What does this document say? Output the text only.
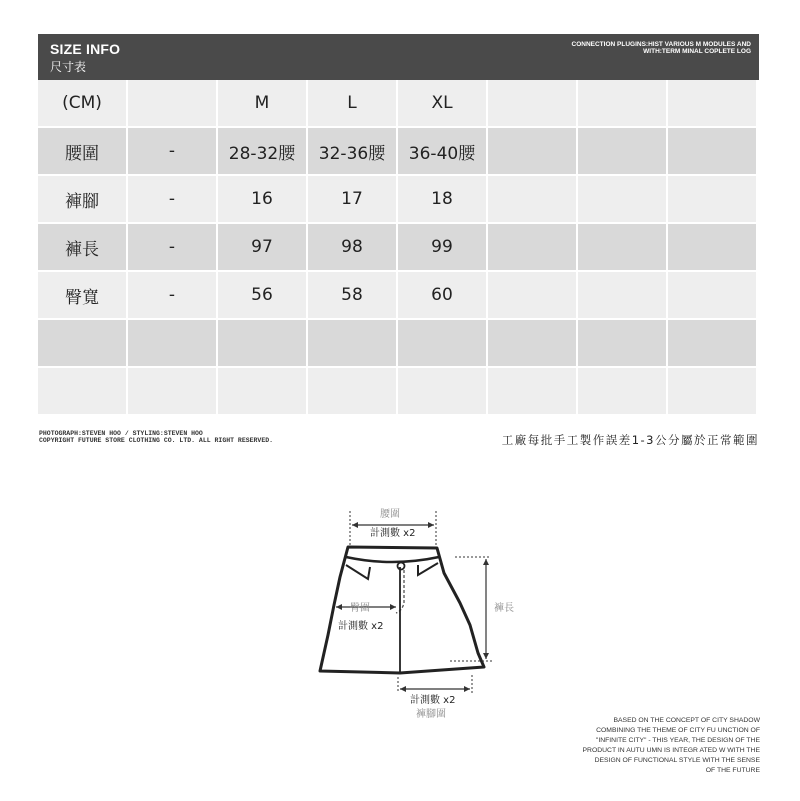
SIZE INFO
尺寸表
CONNECTION PLUGINS:HIST VARIOUS M MODULES AND
WITH:TERM MINAL COPLETE LOG
(CM)		M	L	XL			
腰圍	-	28-32腰	32-36腰	36-40腰			
褲腳	-	16	17	18			
褲長	-	97	98	99			
臀寬	-	56	58	60			

PHOTOGRAPH:STEVEN HOO / STYLING:STEVEN HOO
COPYRIGHT FUTURE STORE CLOTHING CO. LTD. ALL RIGHT RESERVED.	工廠每批手工製作誤差1-3公分屬於正常範圍
腰圍
計測數 x2
臀圍
計測數 x2
褲長
計測數 x2
褲腳圍
BASED ON THE CONCEPT OF CITY SHADOW
COMBINING THE THEME OF CITY FU UNCTION OF
"INFINITE CITY" - THIS YEAR, THE DESIGN OF THE
PRODUCT IN AUTU UMN IS INTEGR ATED W WITH THE
DESIGN OF FUNCTIONAL STYLE WITH THE SENSE
OF THE FUTURE
